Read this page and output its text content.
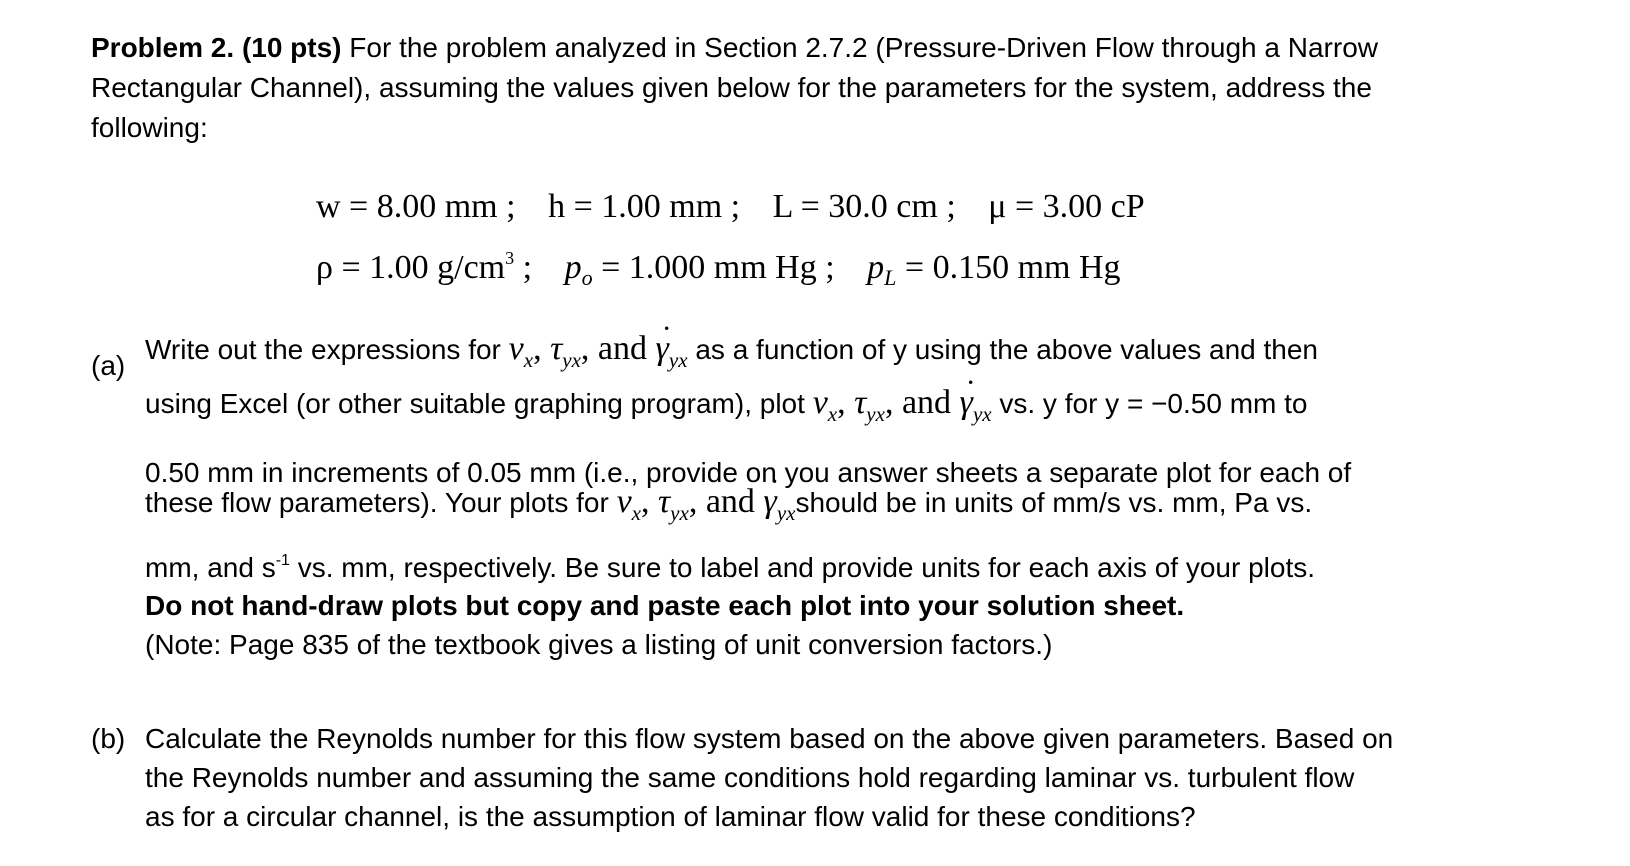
Problem 2. (10 pts) For the problem analyzed in Section 2.7.2 (Pressure-Driven Flow through a Narrow
Rectangular Channel), assuming the values given below for the parameters for the system, address the
following:
w = 8.00 mm ; h = 1.00 mm ; L = 30.0 cm ; μ = 3.00 cP
ρ = 1.00 $g/cm^3$ ; $p_o = 1.000$ mm Hg ; $p_L = 0.150$ mm Hg
(a)
Write out the expressions for $v_x$, $\tau_{yx}$, and · $\gamma_{yx}$ as a function of y using the above values and then
using Excel (or other suitable graphing program), plot $v_x$, $\tau_{yx}$, and · $\gamma_{yx}$ vs. y for y = −0.50 mm to
0.50 mm in increments of 0.05 mm (i.e., provide on you answer sheets a separate plot for each of
these flow parameters). Your plots for $v_x$, $\tau_{yx}$, and · $\gamma_{yx}should$ be in units of mm/s vs. mm, Pa vs.
mm, and $s^{-1}$ vs. mm, respectively. Be sure to label and provide units for each axis of your plots.
Do not hand-draw plots but copy and paste each plot into your solution sheet.
(Note: Page 835 of the textbook gives a listing of unit conversion factors.)
(b) Calculate the Reynolds number for this flow system based on the above given parameters. Based on
the Reynolds number and assuming the same conditions hold regarding laminar vs. turbulent flow
as for a circular channel, is the assumption of laminar flow valid for these conditions?
